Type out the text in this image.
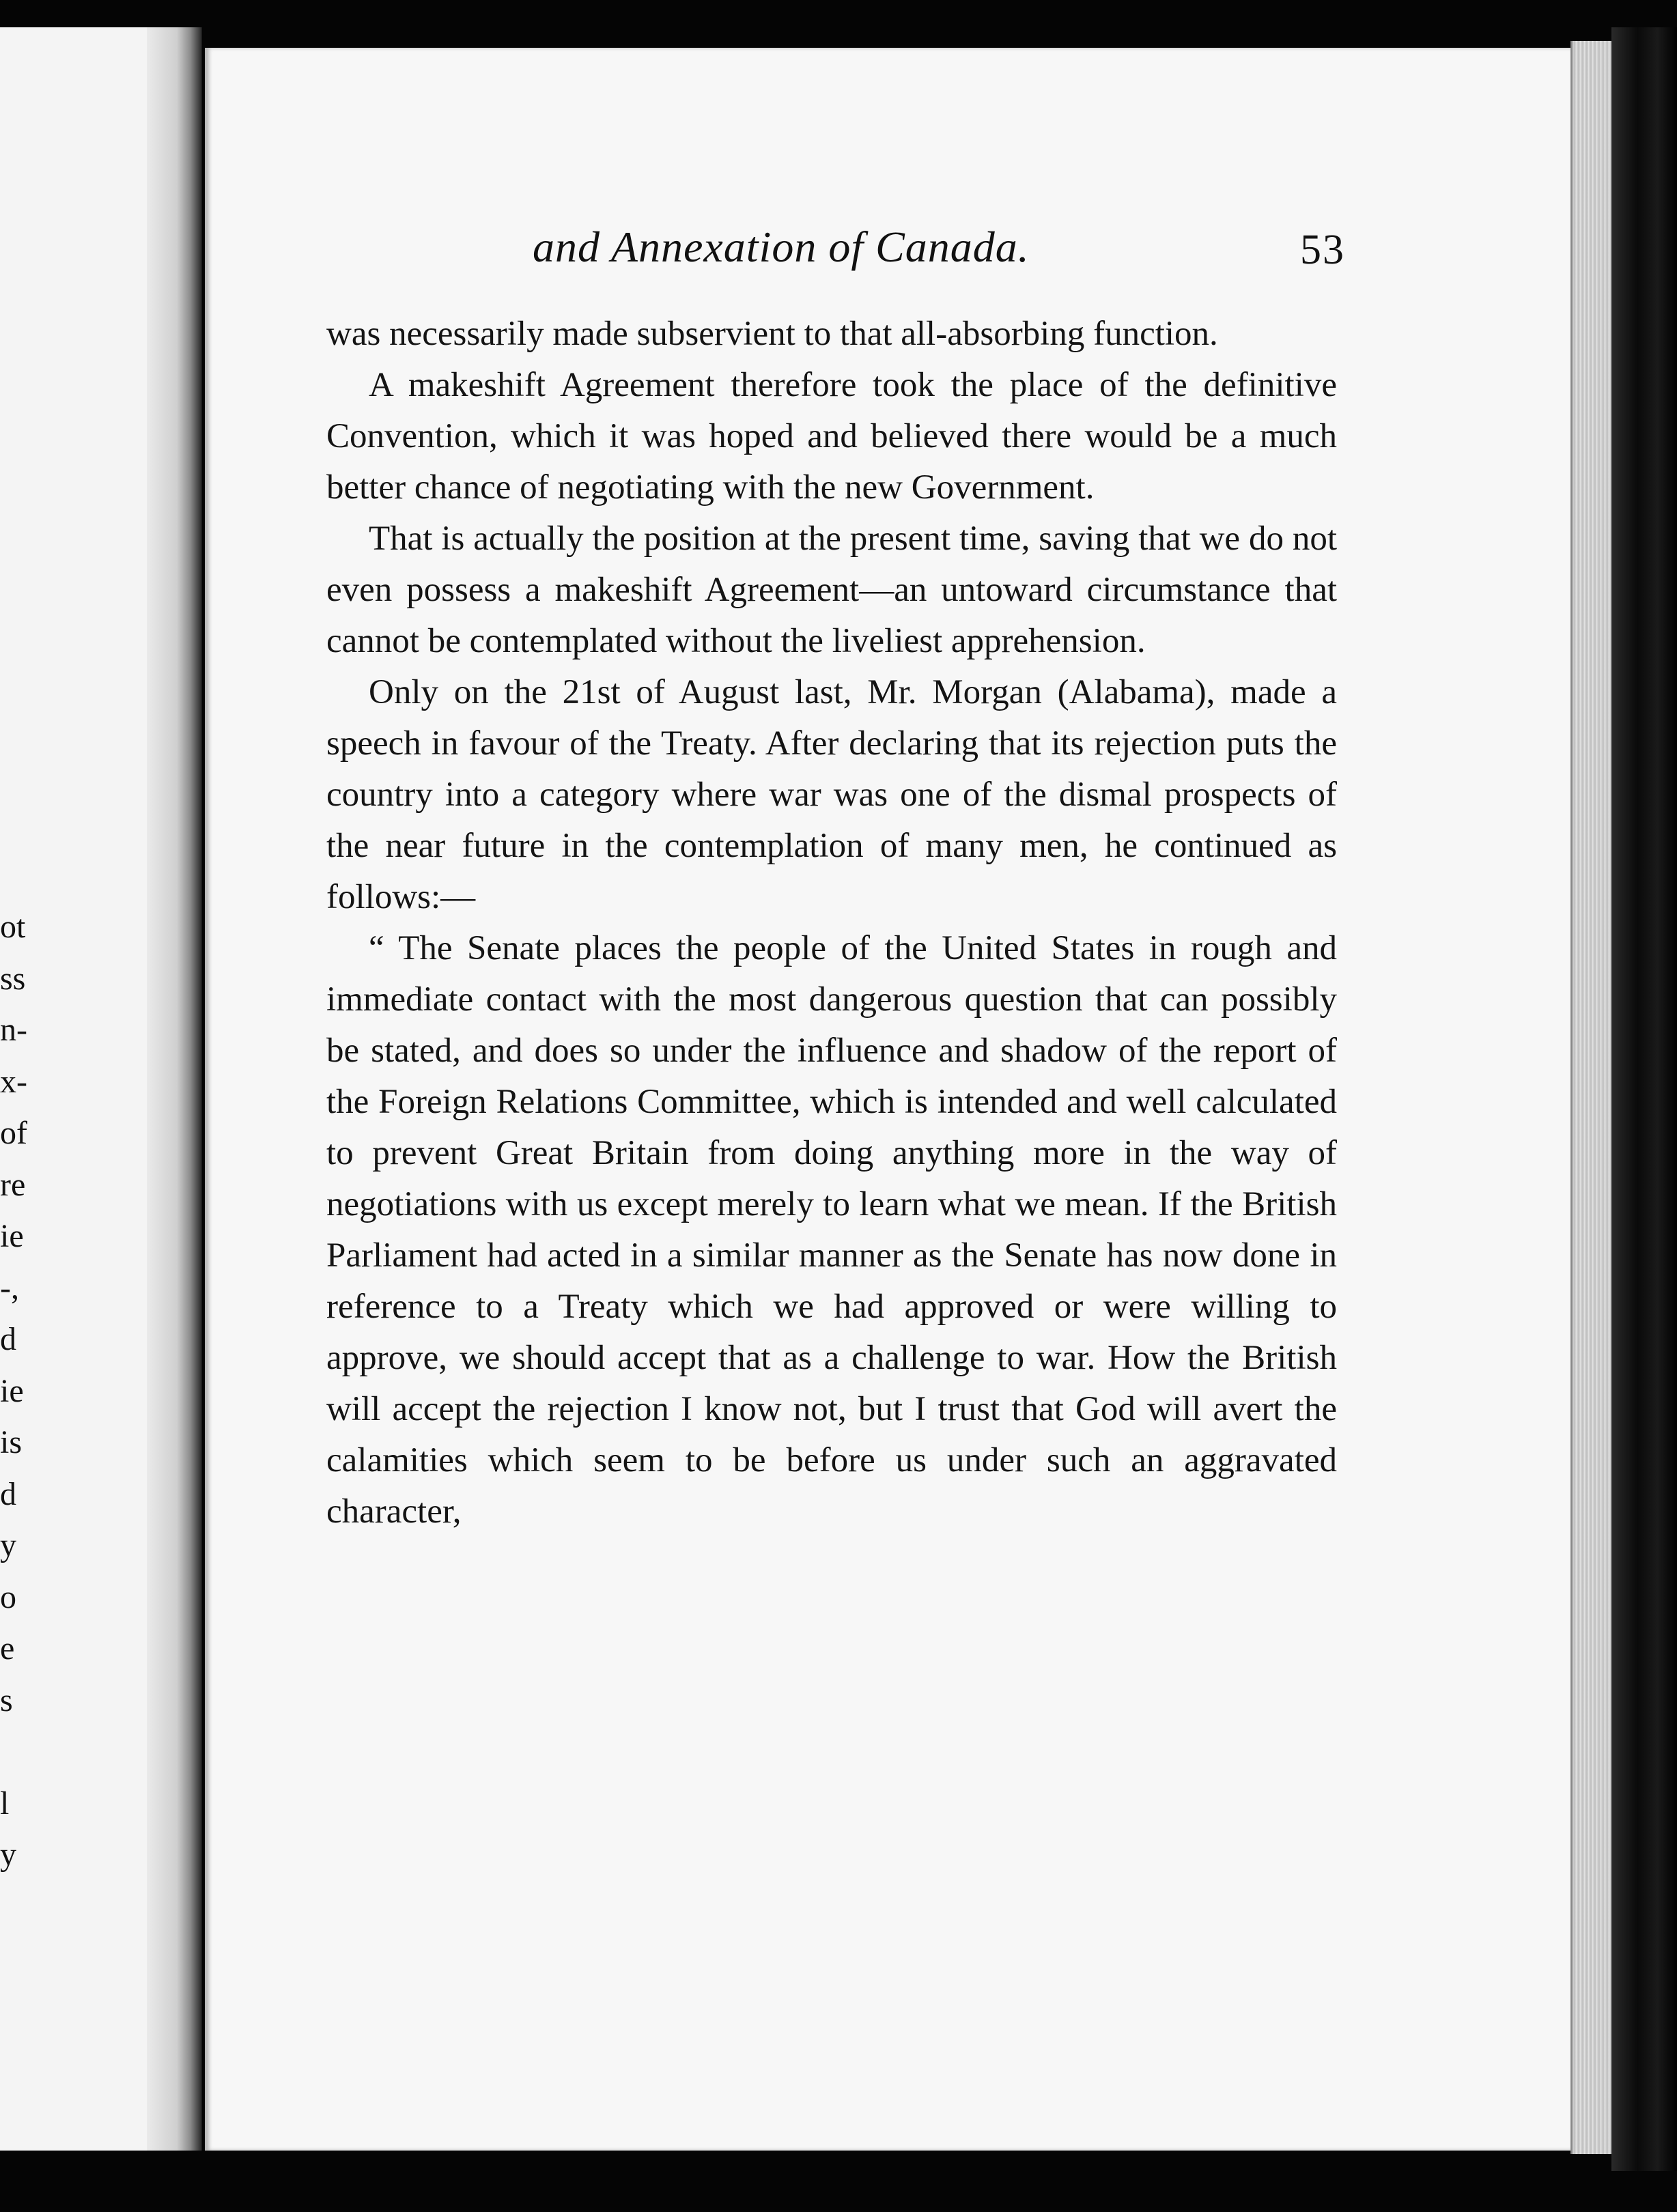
ot
ss
n-
x-
of
re
ie
-,
d
ie
is
d
y
o
e
s

l
y
and Annexation of Canada.	53

was necessarily made subservient to that all-absorbing function.

A makeshift Agreement therefore took the place of the definitive Convention, which it was hoped and believed there would be a much better chance of negotiating with the new Government.

That is actually the position at the present time, saving that we do not even possess a makeshift Agreement—an untoward circumstance that cannot be contemplated without the liveliest apprehension.

Only on the 21st of August last, Mr. Morgan (Alabama), made a speech in favour of the Treaty. After declaring that its rejection puts the country into a category where war was one of the dismal prospects of the near future in the contemplation of many men, he continued as follows:—

“ The Senate places the people of the United States in rough and immediate contact with the most dangerous question that can possibly be stated, and does so under the influence and shadow of the report of the Foreign Relations Committee, which is intended and well calculated to prevent Great Britain from doing anything more in the way of negotiations with us except merely to learn what we mean. If the British Parliament had acted in a similar manner as the Senate has now done in reference to a Treaty which we had approved or were willing to approve, we should accept that as a challenge to war. How the British will accept the rejection I know not, but I trust that God will avert the calamities which seem to be before us under such an aggravated character,
